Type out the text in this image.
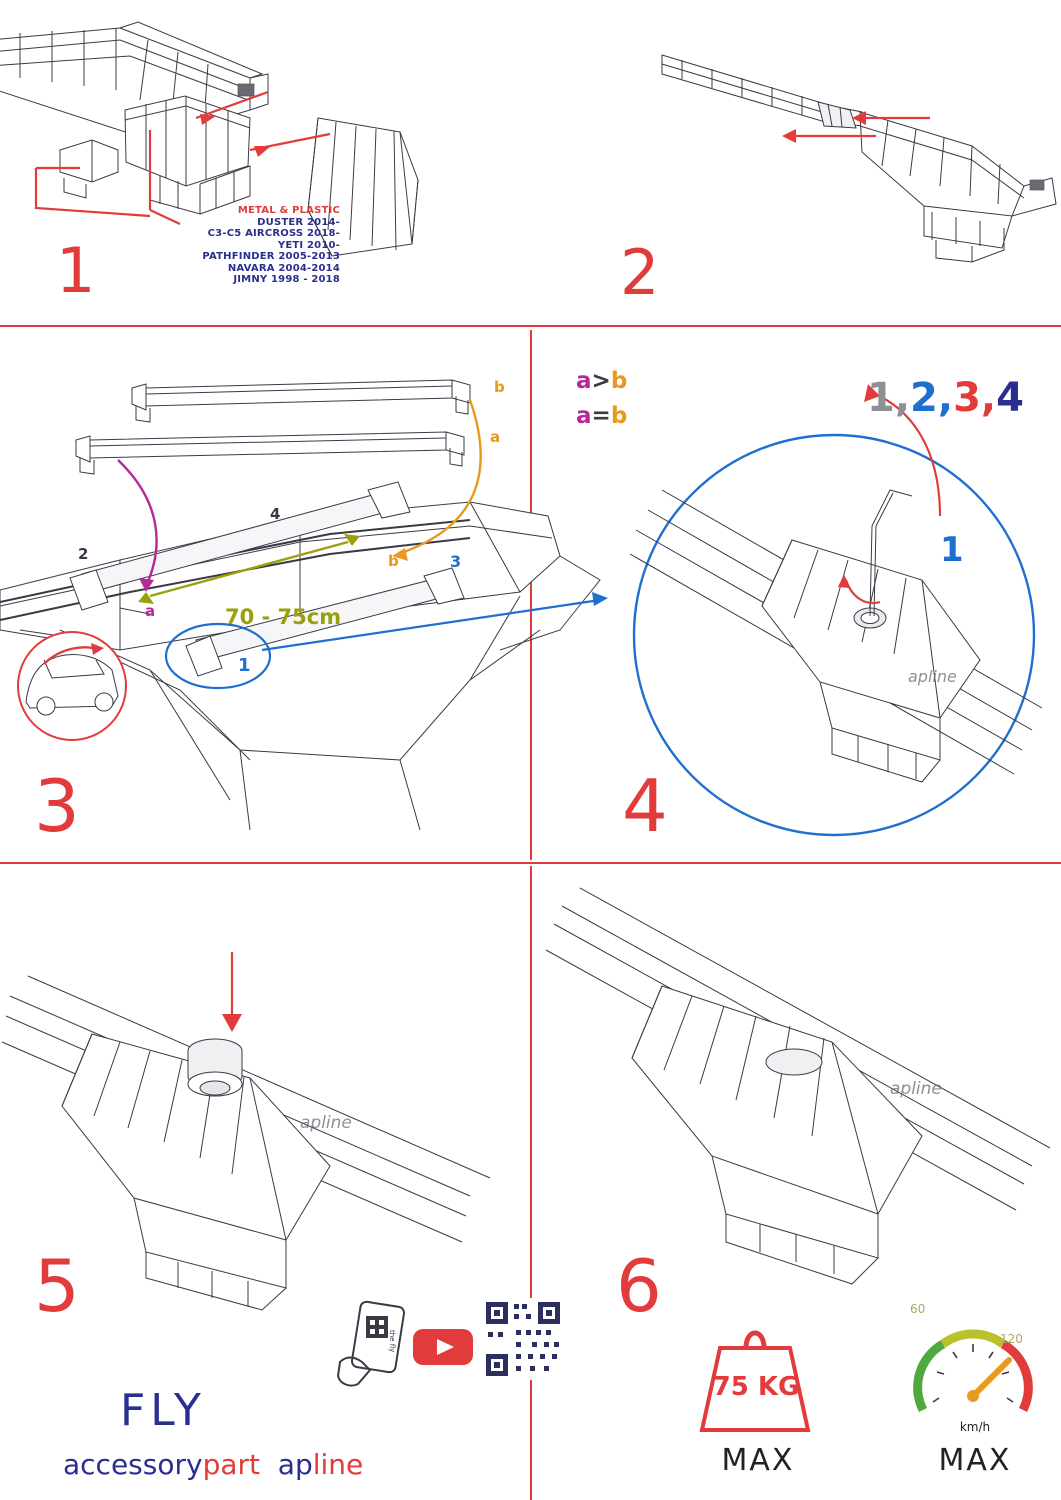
METAL & PLASTIC
DUSTER 2014-
C3-C5 AIRCROSS 2018-
YETI 2010-
PATHFINDER 2005-2013
NAVARA 2004-2014
JIMNY 1998 - 2018
1	2
b
a
b
a
2
4
3
1
70 - 75cm
3
a>b
a=b
apline
1,2,3,4
1
4
apline
5
FLY
accessorypart apline
the fly
apline
6
75 KG
MAX
60
120
km/h
MAX
